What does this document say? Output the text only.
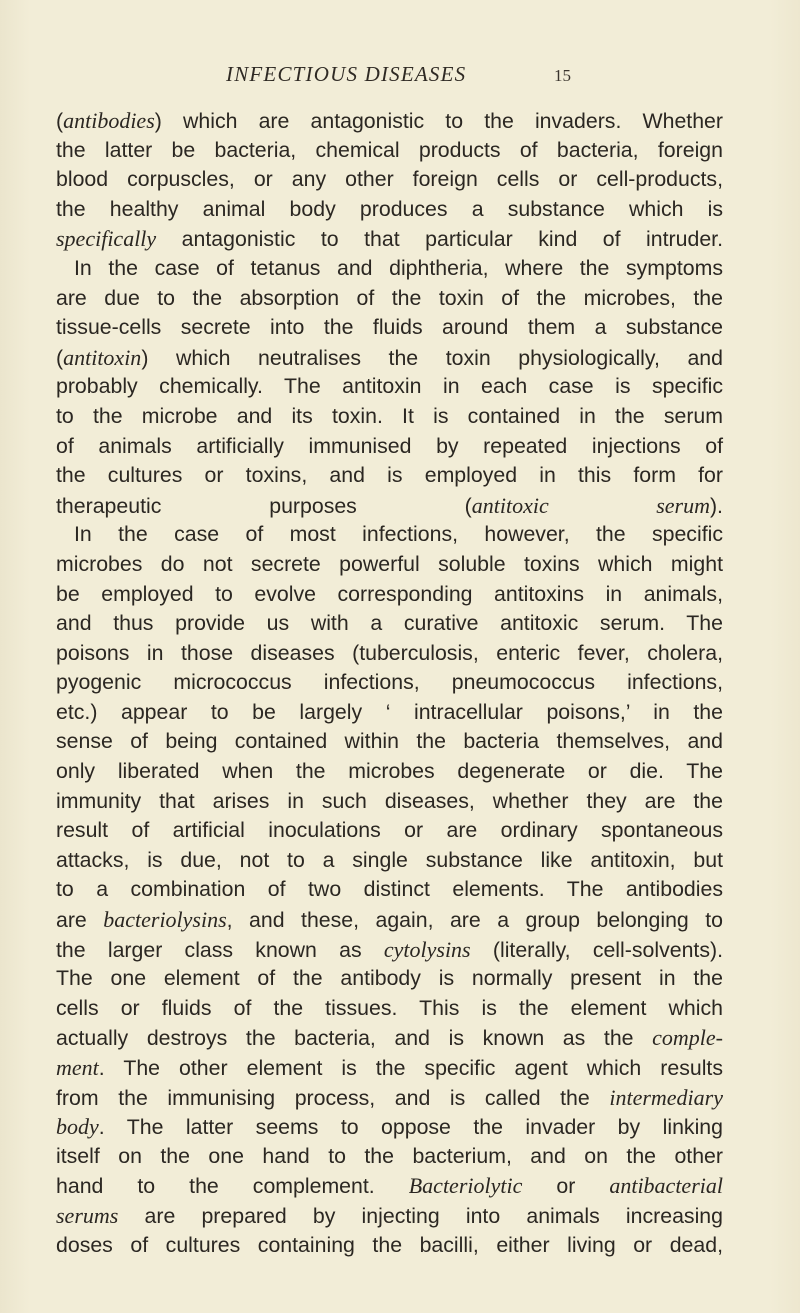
INFECTIOUS DISEASES	15
(antibodies) which are antagonistic to the invaders. Whether
the latter be bacteria, chemical products of bacteria, foreign
blood corpuscles, or any other foreign cells or cell-products,
the healthy animal body produces a substance which is
specifically antagonistic to that particular kind of intruder.
In the case of tetanus and diphtheria, where the symptoms
are due to the absorption of the toxin of the microbes, the
tissue-cells secrete into the fluids around them a substance
(antitoxin) which neutralises the toxin physiologically, and
probably chemically. The antitoxin in each case is specific
to the microbe and its toxin. It is contained in the serum
of animals artificially immunised by repeated injections of
the cultures or toxins, and is employed in this form for
therapeutic purposes (antitoxic serum).
In the case of most infections, however, the specific
microbes do not secrete powerful soluble toxins which might
be employed to evolve corresponding antitoxins in animals,
and thus provide us with a curative antitoxic serum. The
poisons in those diseases (tuberculosis, enteric fever, cholera,
pyogenic micrococcus infections, pneumococcus infections,
etc.) appear to be largely ‘ intracellular poisons,’ in the
sense of being contained within the bacteria themselves, and
only liberated when the microbes degenerate or die. The
immunity that arises in such diseases, whether they are the
result of artificial inoculations or are ordinary spontaneous
attacks, is due, not to a single substance like antitoxin, but
to a combination of two distinct elements. The antibodies
are bacteriolysins, and these, again, are a group belonging to
the larger class known as cytolysins (literally, cell-solvents).
The one element of the antibody is normally present in the
cells or fluids of the tissues. This is the element which
actually destroys the bacteria, and is known as the comple-
ment. The other element is the specific agent which results
from the immunising process, and is called the intermediary
body. The latter seems to oppose the invader by linking
itself on the one hand to the bacterium, and on the other
hand to the complement. Bacteriolytic or antibacterial
serums are prepared by injecting into animals increasing
doses of cultures containing the bacilli, either living or dead,
